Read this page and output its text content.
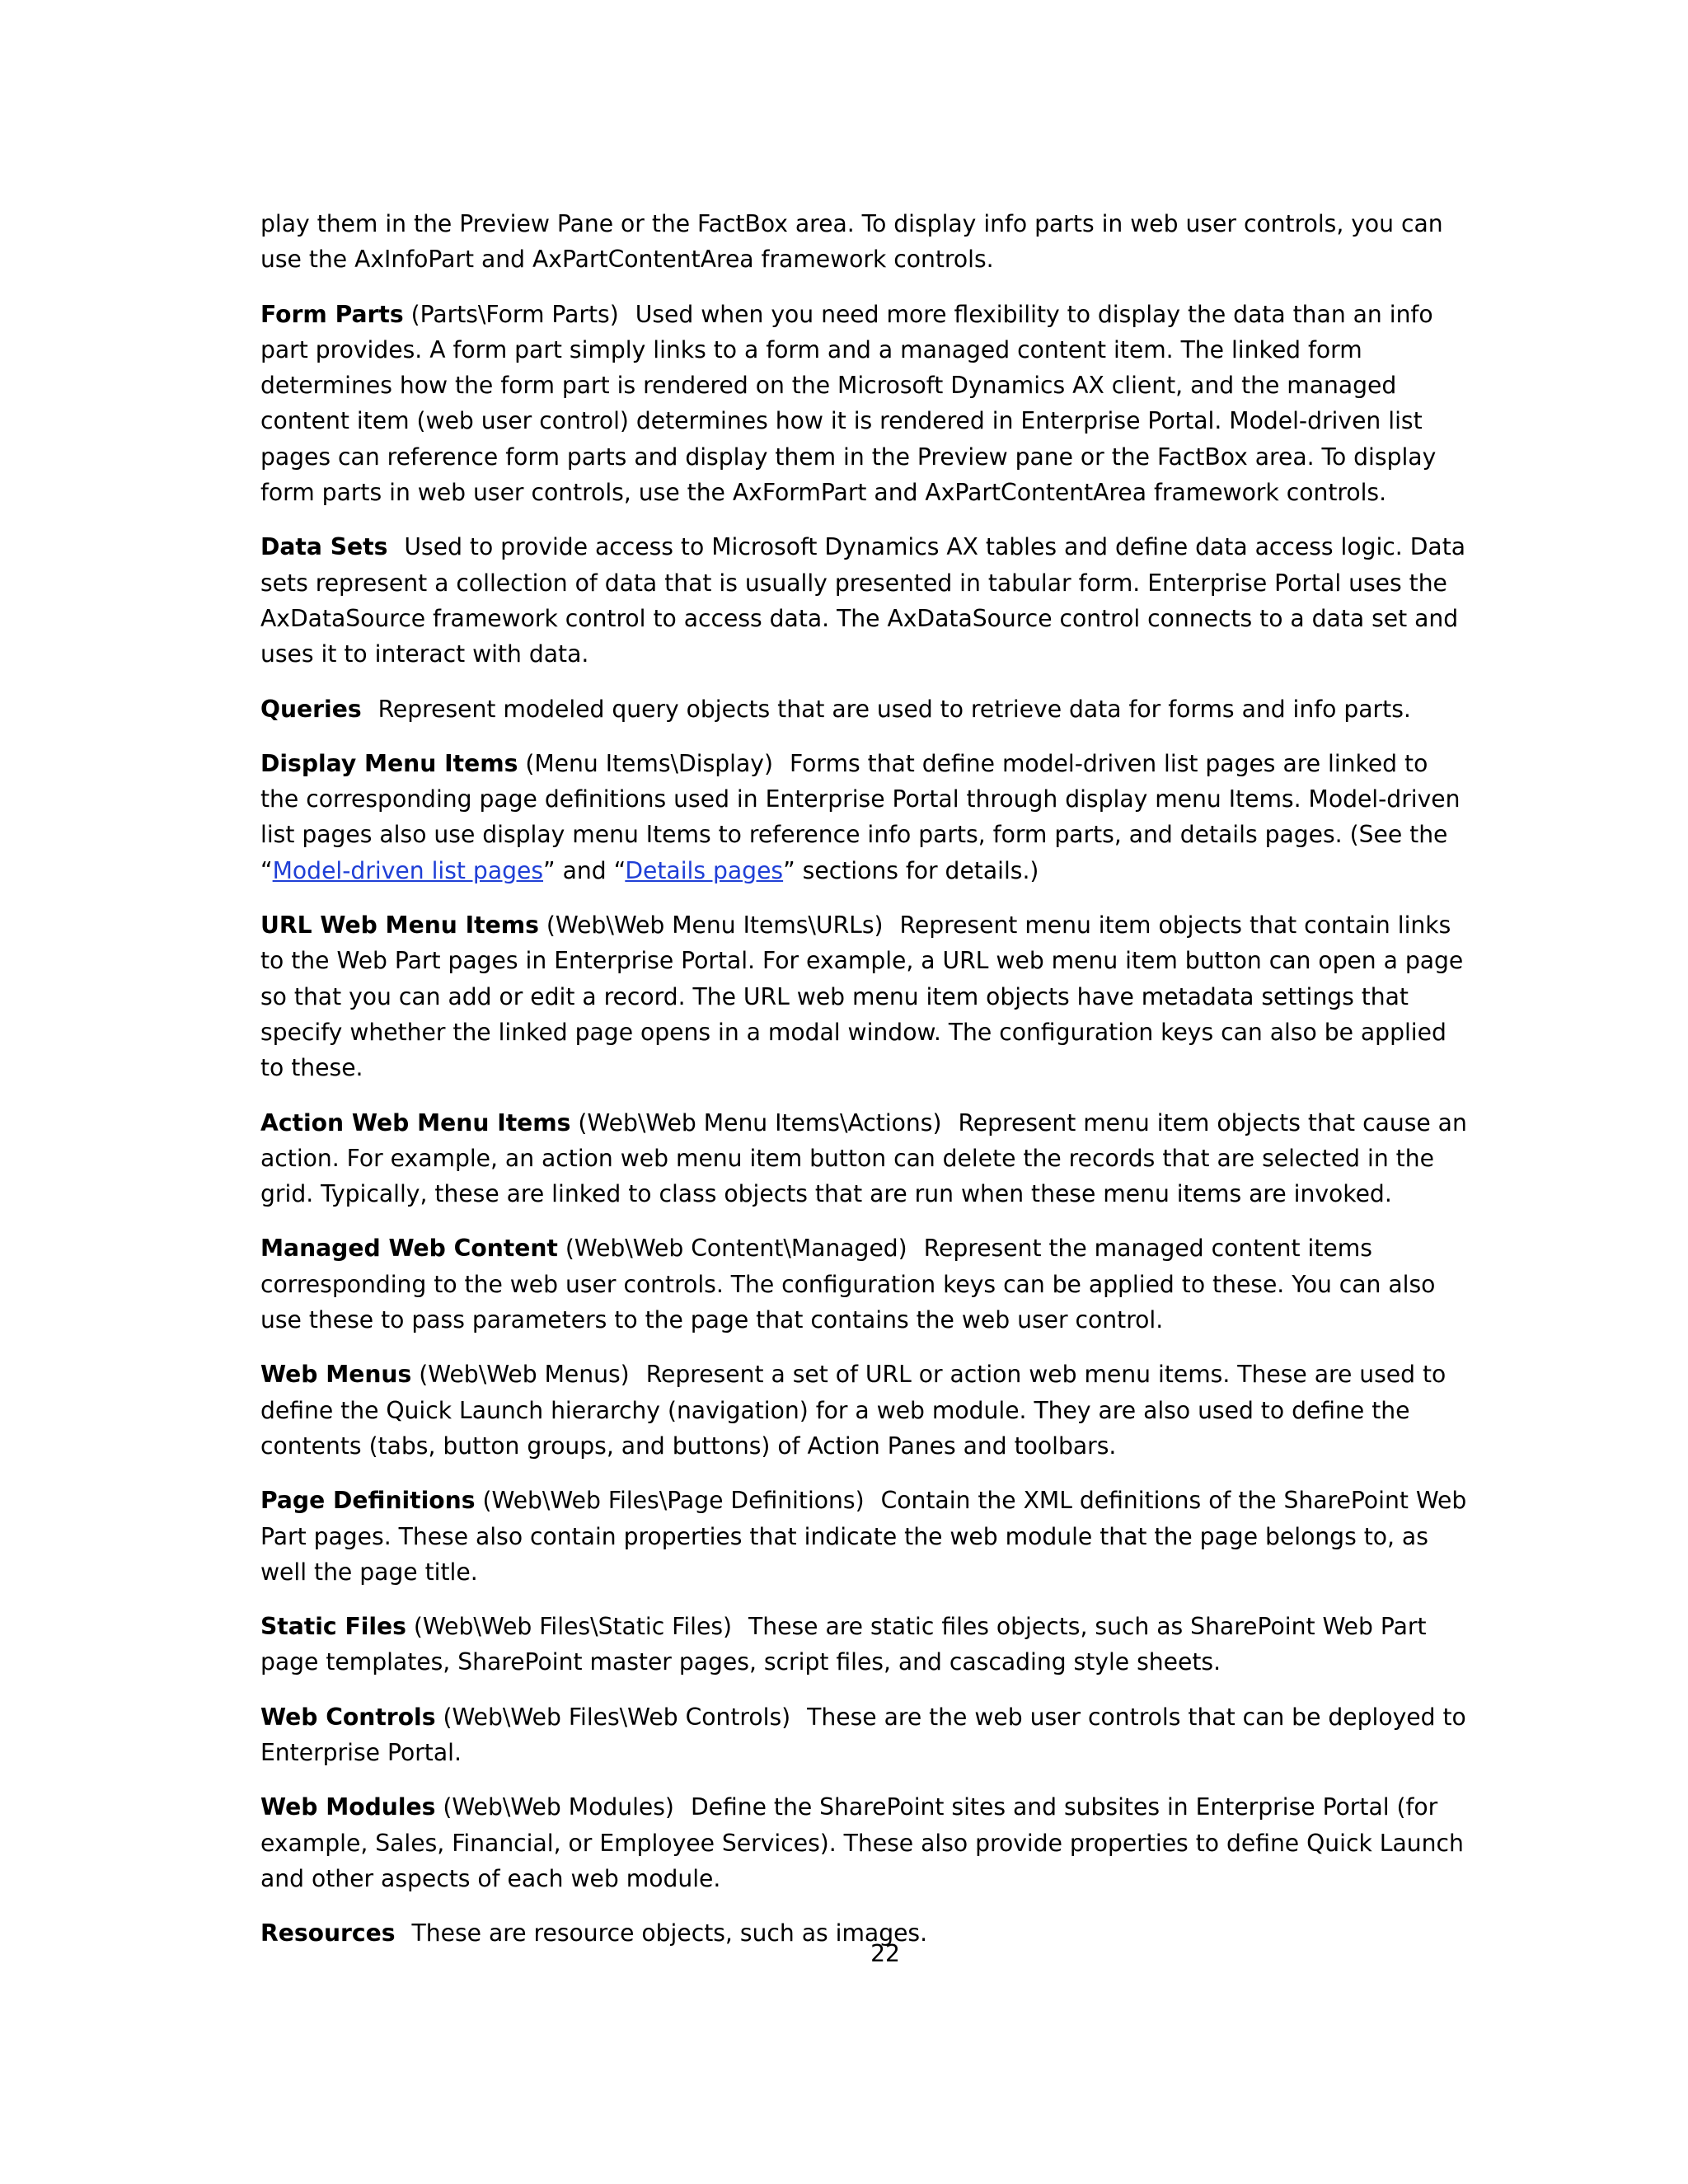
play them in the Preview Pane or the FactBox area. To display info parts in web user controls, you can use the AxInfoPart and AxPartContentArea framework controls.

Form Parts (Parts\Form Parts) Used when you need more flexibility to display the data than an info part provides. A form part simply links to a form and a managed content item. The linked form determines how the form part is rendered on the Microsoft Dynamics AX client, and the managed content item (web user control) determines how it is rendered in Enterprise Portal. Model-driven list pages can reference form parts and display them in the Preview pane or the FactBox area. To display form parts in web user controls, use the AxFormPart and AxPartContentArea framework controls.

Data Sets Used to provide access to Microsoft Dynamics AX tables and define data access logic. Data sets represent a collection of data that is usually presented in tabular form. Enterprise Portal uses the AxDataSource framework control to access data. The AxDataSource control connects to a data set and uses it to interact with data.

Queries Represent modeled query objects that are used to retrieve data for forms and info parts.

Display Menu Items (Menu Items\Display) Forms that define model-driven list pages are linked to the corresponding page definitions used in Enterprise Portal through display menu Items. Model-driven list pages also use display menu Items to reference info parts, form parts, and details pages. (See the “Model-driven list pages” and “Details pages” sections for details.)

URL Web Menu Items (Web\Web Menu Items\URLs) Represent menu item objects that contain links to the Web Part pages in Enterprise Portal. For example, a URL web menu item button can open a page so that you can add or edit a record. The URL web menu item objects have metadata settings that specify whether the linked page opens in a modal window. The configuration keys can also be applied to these.

Action Web Menu Items (Web\Web Menu Items\Actions) Represent menu item objects that cause an action. For example, an action web menu item button can delete the records that are selected in the grid. Typically, these are linked to class objects that are run when these menu items are invoked.

Managed Web Content (Web\Web Content\Managed) Represent the managed content items corresponding to the web user controls. The configuration keys can be applied to these. You can also use these to pass parameters to the page that contains the web user control.

Web Menus (Web\Web Menus) Represent a set of URL or action web menu items. These are used to define the Quick Launch hierarchy (navigation) for a web module. They are also used to define the contents (tabs, button groups, and buttons) of Action Panes and toolbars.

Page Definitions (Web\Web Files\Page Definitions) Contain the XML definitions of the SharePoint Web Part pages. These also contain properties that indicate the web module that the page belongs to, as well the page title.

Static Files (Web\Web Files\Static Files) These are static files objects, such as SharePoint Web Part page templates, SharePoint master pages, script files, and cascading style sheets.

Web Controls (Web\Web Files\Web Controls) These are the web user controls that can be deployed to Enterprise Portal.

Web Modules (Web\Web Modules) Define the SharePoint sites and subsites in Enterprise Portal (for example, Sales, Financial, or Employee Services). These also provide properties to define Quick Launch and other aspects of each web module.

Resources These are resource objects, such as images.

22
